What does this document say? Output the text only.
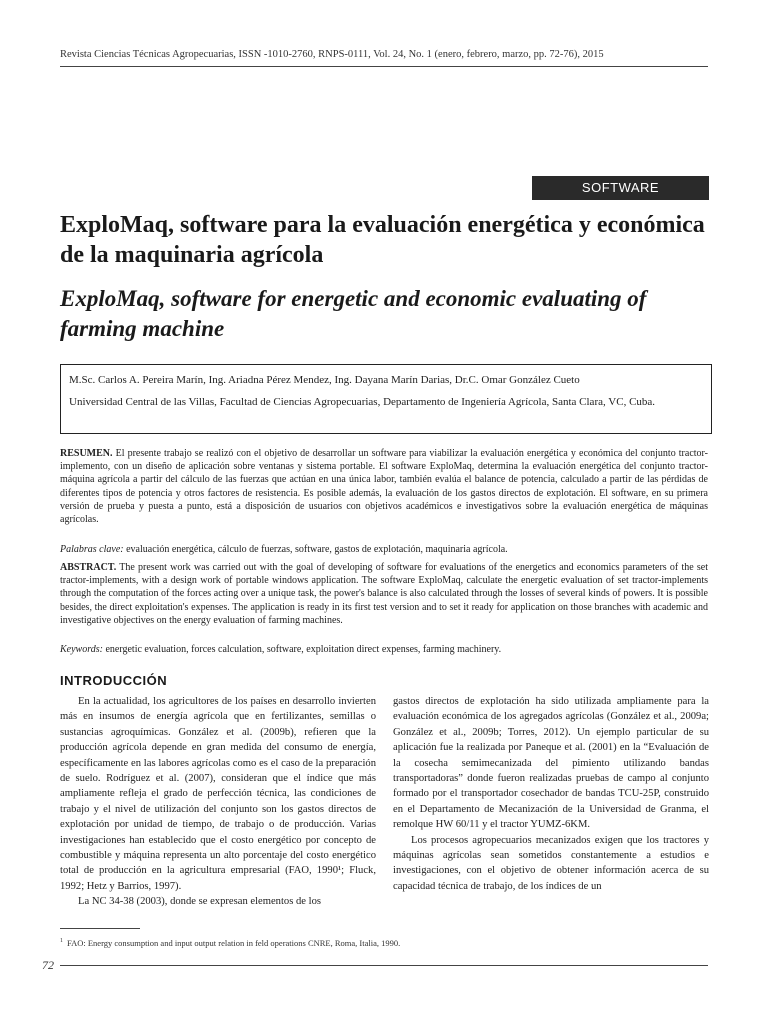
Revista Ciencias Técnicas Agropecuarias, ISSN -1010-2760, RNPS-0111, Vol. 24, No. 1 (enero, febrero, marzo, pp. 72-76), 2015
SOFTWARE
ExploMaq, software para la evaluación energética y económica de la maquinaria agrícola
ExploMaq, software for energetic and economic evaluating of farming machine

M.Sc. Carlos A. Pereira Marín, Ing. Ariadna Pérez Mendez, Ing. Dayana Marín Darias, Dr.C. Omar González Cueto

Universidad Central de las Villas, Facultad de Ciencias Agropecuarias, Departamento de Ingeniería Agrícola, Santa Clara, VC, Cuba.

RESUMEN. El presente trabajo se realizó con el objetivo de desarrollar un software para viabilizar la evaluación energética y económica del conjunto tractor-implemento, con un diseño de aplicación sobre ventanas y sistema portable. El software ExploMaq, determina la evaluación energética del conjunto tractor-máquina agrícola a partir del cálculo de las fuerzas que actúan en una única labor, también evalúa el balance de potencia, calculado a partir de las pérdidas de diferentes tipos de potencia y otros factores de resistencia. Es posible además, la evaluación de los gastos directos de explotación. El software, en su primera versión de prueba y puesta a punto, está a disposición de usuarios con objetivos académicos e investigativos sobre la evaluación energética de máquinas agrícolas.

Palabras clave: evaluación energética, cálculo de fuerzas, software, gastos de explotación, maquinaria agrícola.

ABSTRACT. The present work was carried out with the goal of developing of software for evaluations of the energetics and economics parameters of the set tractor-implements, with a design work of portable windows application. The software ExploMaq, calculate the energetic evaluation of set tractor-implements through the computation of the forces acting over a unique task, the power's balance is also calculated through the losses of several kinds of powers. It is possible besides, the direct exploitation's expenses. The application is ready in its first test version and to set it ready for application on those branches with academic and investigative objectives on the energy evaluation of farming machines.

Keywords: energetic evaluation, forces calculation, software, exploitation direct expenses, farming machinery.

INTRODUCCIÓN

En la actualidad, los agricultores de los países en desarrollo invierten más en insumos de energía agrícola que en fertilizantes, semillas o sustancias agroquímicas. González et al. (2009b), refieren que la producción agrícola depende en gran medida del consumo de energía, específicamente en las labores agrícolas como es el caso de la preparación de suelo. Rodríguez et al. (2007), consideran que el índice que más ampliamente refleja el grado de perfección técnica, las condiciones de trabajo y el nivel de utilización del conjunto son los gastos directos de explotación por unidad de tiempo, de trabajo o de producción. Varias investigaciones han establecido que el costo energético por concepto de combustible y máquina representa un alto porcentaje del costo energético total de producción en la agricultura empresarial (FAO, 1990¹; Fluck, 1992; Hetz y Barrios, 1997).

La NC 34-38 (2003), donde se expresan elementos de los

gastos directos de explotación ha sido utilizada ampliamente para la evaluación económica de los agregados agrícolas (González et al., 2009a; González et al., 2009b; Torres, 2012). Un ejemplo particular de su aplicación fue la realizada por Paneque et al. (2001) en la “Evaluación de la cosecha semimecanizada del pimiento utilizando bandas transportadoras” donde fueron realizadas pruebas de campo al conjunto formado por el transportador cosechador de bandas TCU-25P, construido en el Departamento de Mecanización de la Universidad de Granma, el remolque HW 60/11 y el tractor YUMZ-6KM.

Los procesos agropecuarios mecanizados exigen que los tractores y máquinas agrícolas sean sometidos constantemente a estudios e investigaciones, con el objetivo de obtener información acerca de su capacidad técnica de trabajo, de los índices de un

$^1$ FAO: Energy consumption and input output relation in feld operations CNRE, Roma, Italia, 1990.
72
